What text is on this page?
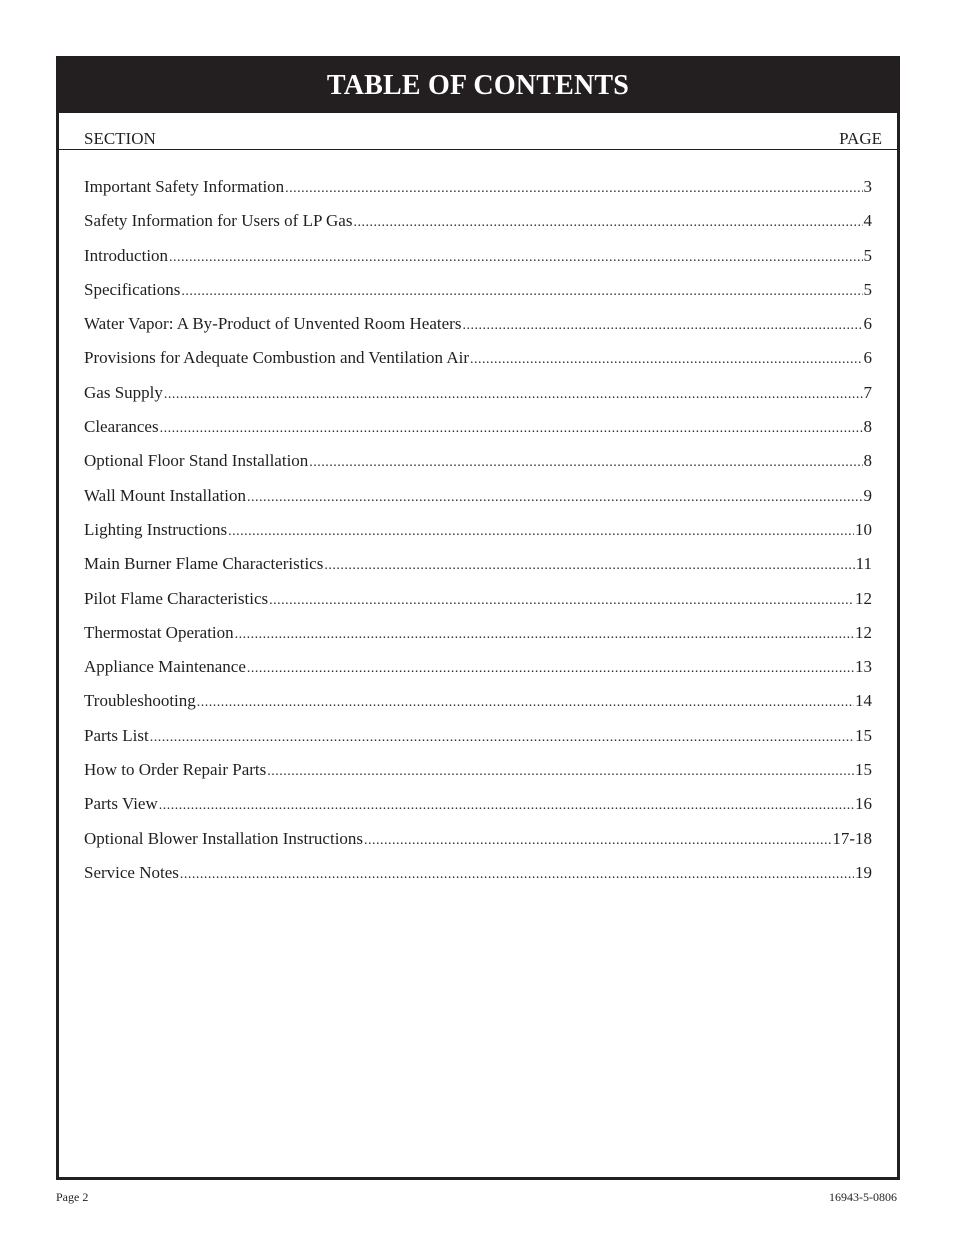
TABLE OF CONTENTS
SECTION	PAGE
Important Safety Information .....	3
Safety Information for Users of LP Gas .....	4
Introduction .....	5
Specifications .....	5
Water Vapor: A By-Product of Unvented Room Heaters .....	6
Provisions for Adequate Combustion and Ventilation Air .....	6
Gas Supply .....	7
Clearances .....	8
Optional Floor Stand Installation .....	8
Wall Mount Installation .....	9
Lighting Instructions .....	10
Main Burner Flame Characteristics .....	11
Pilot Flame Characteristics .....	12
Thermostat Operation .....	12
Appliance Maintenance .....	13
Troubleshooting .....	14
Parts List .....	15
How to Order Repair Parts .....	15
Parts View .....	16
Optional Blower Installation Instructions .....	17-18
Service Notes .....	19
Page 2	16943-5-0806
